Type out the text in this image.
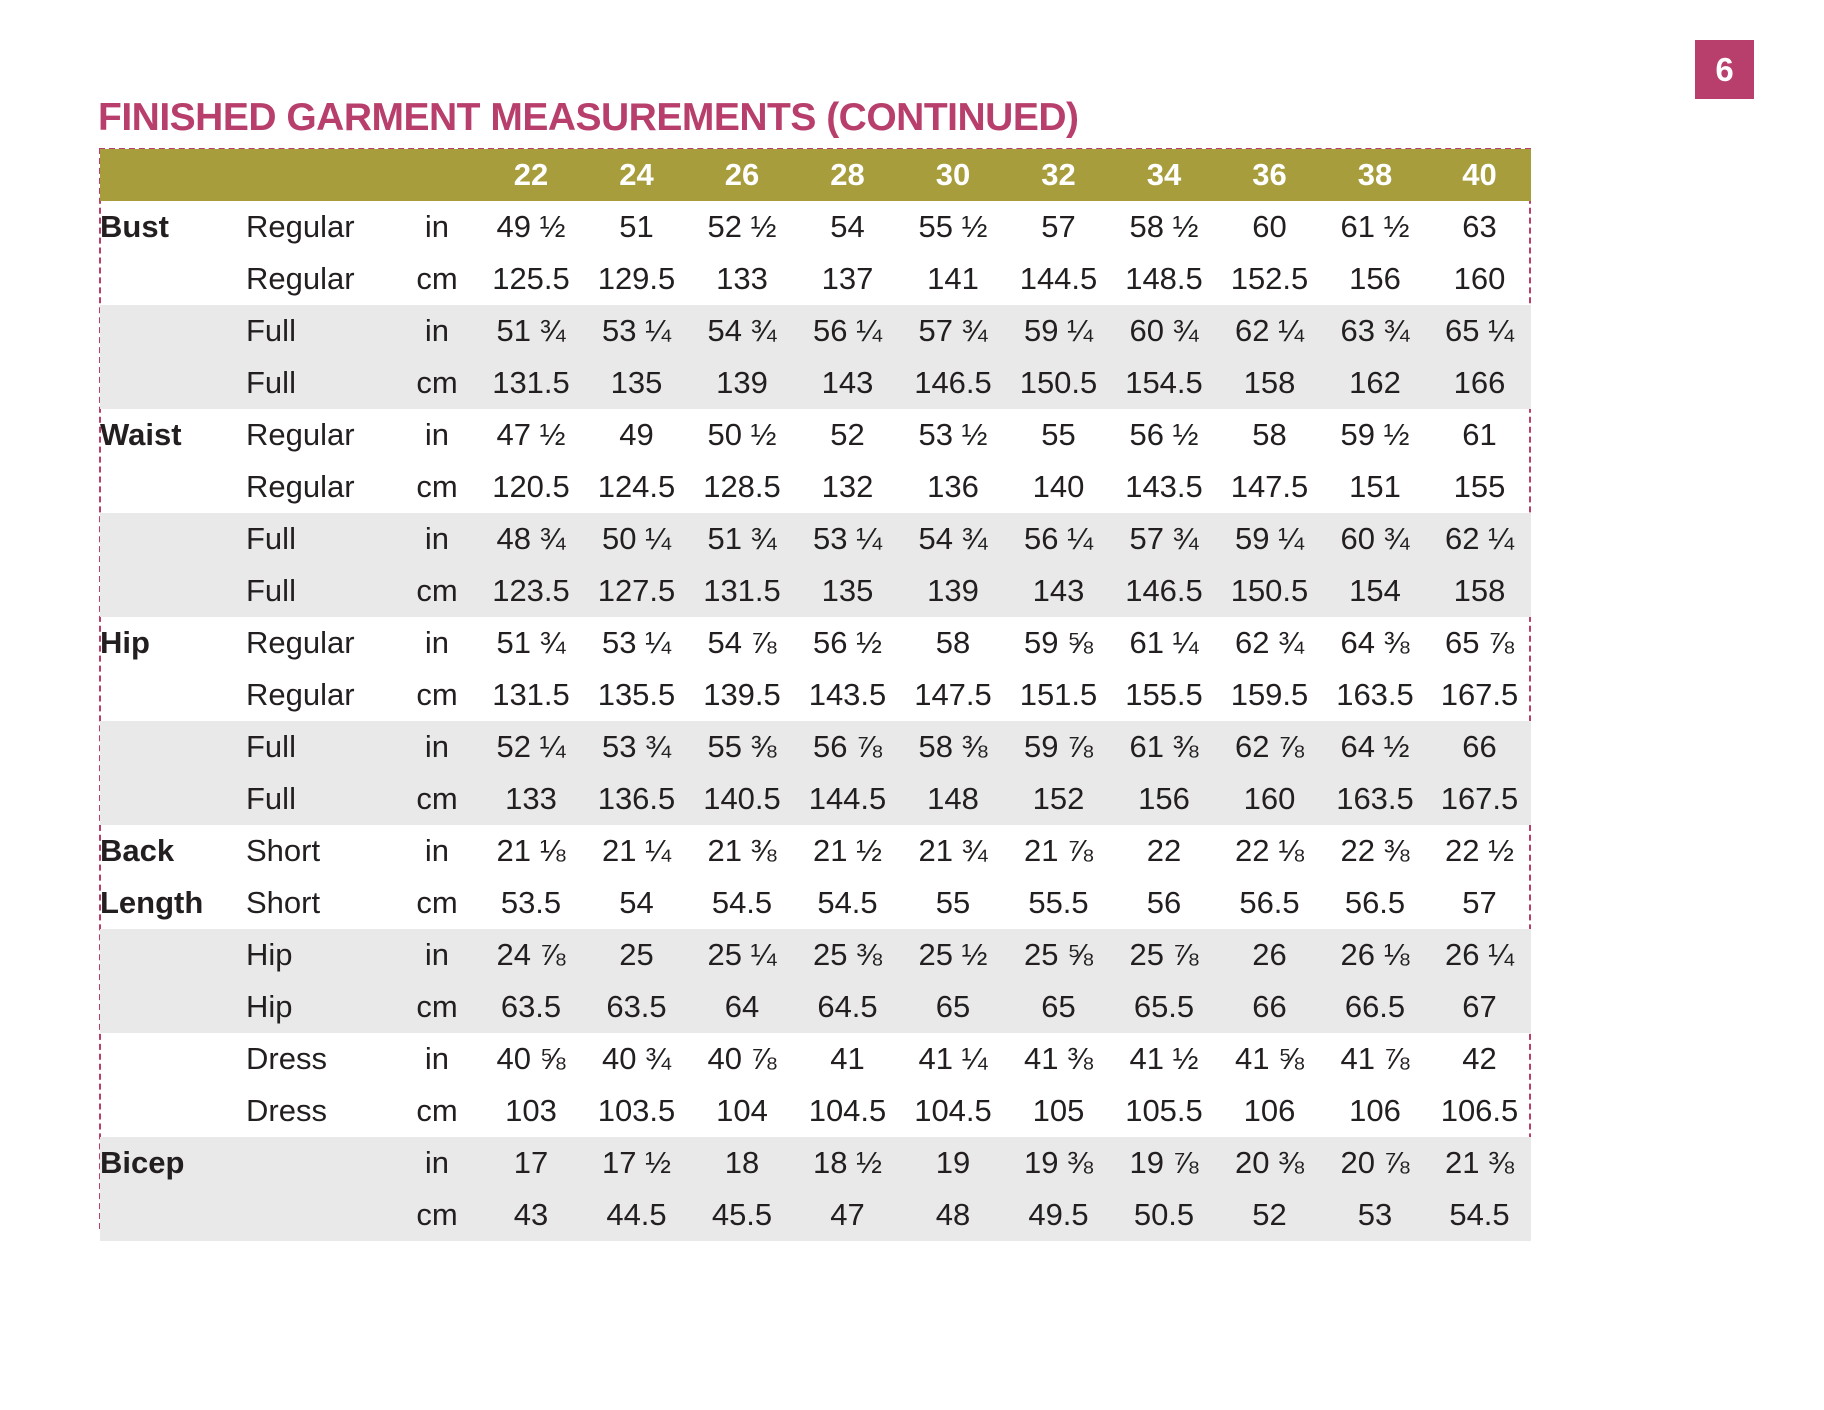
6
FINISHED GARMENT MEASUREMENTS (CONTINUED)
			22	24	26	28	30	32	34	36	38	40
Bust	Regular	in	49 ½	51	52 ½	54	55 ½	57	58 ½	60	61 ½	63
	Regular	cm	125.5	129.5	133	137	141	144.5	148.5	152.5	156	160
	Full	in	51 ¾	53 ¼	54 ¾	56 ¼	57 ¾	59 ¼	60 ¾	62 ¼	63 ¾	65 ¼
	Full	cm	131.5	135	139	143	146.5	150.5	154.5	158	162	166
Waist	Regular	in	47 ½	49	50 ½	52	53 ½	55	56 ½	58	59 ½	61
	Regular	cm	120.5	124.5	128.5	132	136	140	143.5	147.5	151	155
	Full	in	48 ¾	50 ¼	51 ¾	53 ¼	54 ¾	56 ¼	57 ¾	59 ¼	60 ¾	62 ¼
	Full	cm	123.5	127.5	131.5	135	139	143	146.5	150.5	154	158
Hip	Regular	in	51 ¾	53 ¼	54 ⅞	56 ½	58	59 ⅝	61 ¼	62 ¾	64 ⅜	65 ⅞
	Regular	cm	131.5	135.5	139.5	143.5	147.5	151.5	155.5	159.5	163.5	167.5
	Full	in	52 ¼	53 ¾	55 ⅜	56 ⅞	58 ⅜	59 ⅞	61 ⅜	62 ⅞	64 ½	66
	Full	cm	133	136.5	140.5	144.5	148	152	156	160	163.5	167.5
Back	Short	in	21 ⅛	21 ¼	21 ⅜	21 ½	21 ¾	21 ⅞	22	22 ⅛	22 ⅜	22 ½
Length	Short	cm	53.5	54	54.5	54.5	55	55.5	56	56.5	56.5	57
	Hip	in	24 ⅞	25	25 ¼	25 ⅜	25 ½	25 ⅝	25 ⅞	26	26 ⅛	26 ¼
	Hip	cm	63.5	63.5	64	64.5	65	65	65.5	66	66.5	67
	Dress	in	40 ⅝	40 ¾	40 ⅞	41	41 ¼	41 ⅜	41 ½	41 ⅝	41 ⅞	42
	Dress	cm	103	103.5	104	104.5	104.5	105	105.5	106	106	106.5
Bicep		in	17	17 ½	18	18 ½	19	19 ⅜	19 ⅞	20 ⅜	20 ⅞	21 ⅜
		cm	43	44.5	45.5	47	48	49.5	50.5	52	53	54.5
